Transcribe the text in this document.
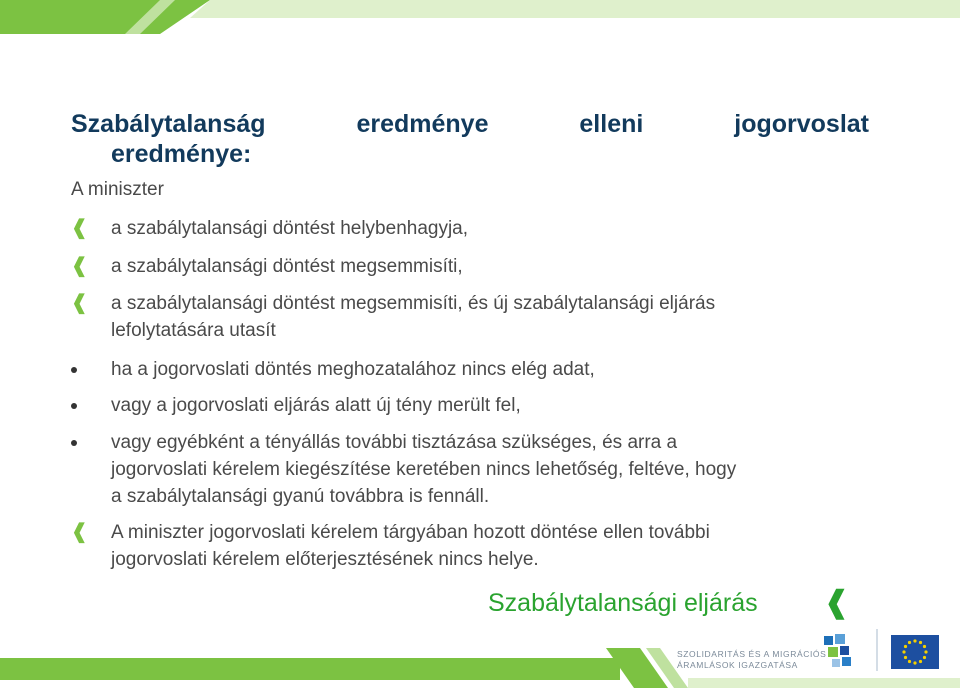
Szabálytalanság	eredménye	elleni	jogorvoslat
eredménye:
A miniszter
❰ a szabálytalansági döntést helybenhagyja,
❰ a szabálytalansági döntést megsemmisíti,
❰ a szabálytalansági döntést megsemmisíti, és új szabálytalansági eljárás
lefolytatására utasít
ha a jogorvoslati döntés meghozatalához nincs elég adat,
vagy a jogorvoslati eljárás alatt új tény merült fel,
vagy egyébként a tényállás további tisztázása szükséges, és arra a
jogorvoslati kérelem kiegészítése keretében nincs lehetőség, feltéve, hogy
a szabálytalansági gyanú továbbra is fennáll.
❰ A miniszter jogorvoslati kérelem tárgyában hozott döntése ellen további
jogorvoslati kérelem előterjesztésének nincs helye.
Szabálytalansági eljárás ❰
SZOLIDARITÁS ÉS A MIGRÁCIÓS
ÁRAMLÁSOK IGAZGATÁSA
